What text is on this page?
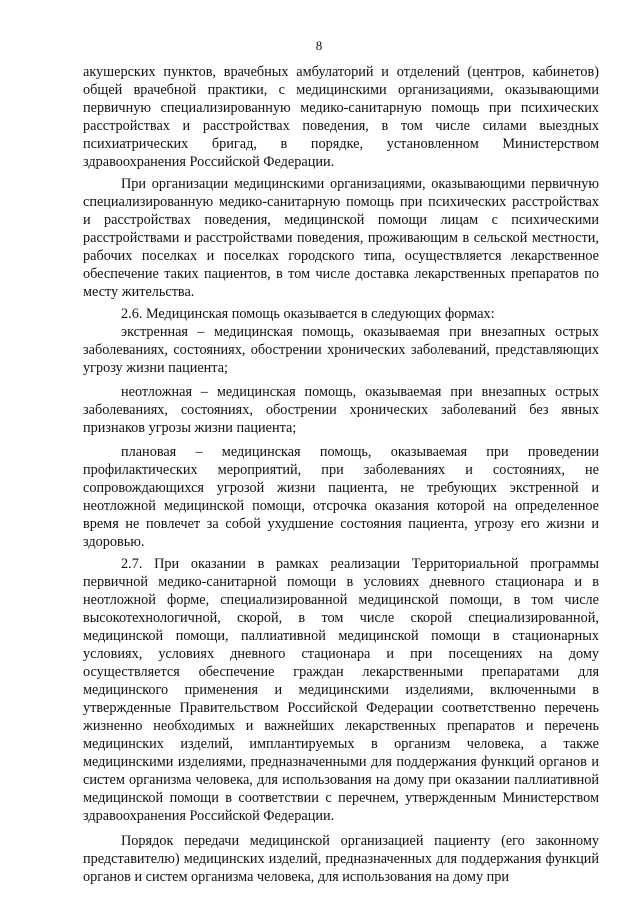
8

акушерских пунктов, врачебных амбулаторий и отделений (центров, кабинетов) общей врачебной практики, с медицинскими организациями, оказывающими первичную специализированную медико-санитарную помощь при психических расстройствах и расстройствах поведения, в том числе силами выездных психиатрических бригад, в порядке, установленном Министерством здравоохранения Российской Федерации.

При организации медицинскими организациями, оказывающими первичную специализированную медико-санитарную помощь при психических расстройствах и расстройствах поведения, медицинской помощи лицам с психическими расстройствами и расстройствами поведения, проживающим в сельской местности, рабочих поселках и поселках городского типа, осуществляется лекарственное обеспечение таких пациентов, в том числе доставка лекарственных препаратов по месту жительства.

2.6. Медицинская помощь оказывается в следующих формах:

экстренная – медицинская помощь, оказываемая при внезапных острых заболеваниях, состояниях, обострении хронических заболеваний, представляющих угрозу жизни пациента;

неотложная – медицинская помощь, оказываемая при внезапных острых заболеваниях, состояниях, обострении хронических заболеваний без явных признаков угрозы жизни пациента;

плановая – медицинская помощь, оказываемая при проведении профилактических мероприятий, при заболеваниях и состояниях, не сопровождающихся угрозой жизни пациента, не требующих экстренной и неотложной медицинской помощи, отсрочка оказания которой на определенное время не повлечет за собой ухудшение состояния пациента, угрозу его жизни и здоровью.

2.7. При оказании в рамках реализации Территориальной программы первичной медико-санитарной помощи в условиях дневного стационара и в неотложной форме, специализированной медицинской помощи, в том числе высокотехнологичной, скорой, в том числе скорой специализированной, медицинской помощи, паллиативной медицинской помощи в стационарных условиях, условиях дневного стационара и при посещениях на дому осуществляется обеспечение граждан лекарственными препаратами для медицинского применения и медицинскими изделиями, включенными в утвержденные Правительством Российской Федерации соответственно перечень жизненно необходимых и важнейших лекарственных препаратов и перечень медицинских изделий, имплантируемых в организм человека, а также медицинскими изделиями, предназначенными для поддержания функций органов и систем организма человека, для использования на дому при оказании паллиативной медицинской помощи в соответствии с перечнем, утвержденным Министерством здравоохранения Российской Федерации.

Порядок передачи медицинской организацией пациенту (его законному представителю) медицинских изделий, предназначенных для поддержания функций органов и систем организма человека, для использования на дому при
